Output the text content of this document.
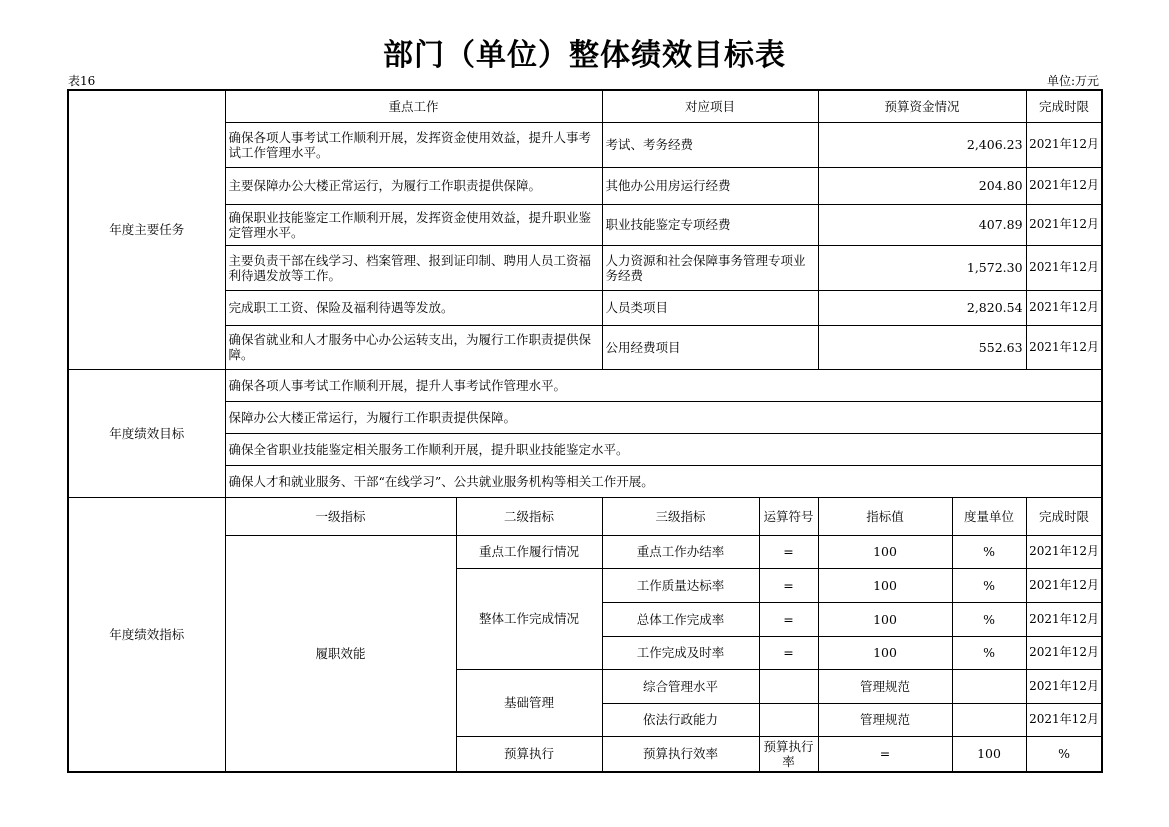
部门（单位）整体绩效目标表
表16	单位:万元
年度主要任务	重点工作		对应项目		预算资金情况		完成时限	
	确保各项人事考试工作顺利开展，发挥资金使用效益，提升人事考试工作管理水平。		考试、考务经费		2,406.23		2021年12月	
	主要保障办公大楼正常运行，为履行工作职责提供保障。		其他办公用房运行经费		204.80		2021年12月	
	确保职业技能鉴定工作顺利开展，发挥资金使用效益，提升职业鉴定管理水平。		职业技能鉴定专项经费		407.89		2021年12月	
	主要负责干部在线学习、档案管理、报到证印制、聘用人员工资福利待遇发放等工作。		人力资源和社会保障事务管理专项业务经费		1,572.30		2021年12月	
	完成职工工资、保险及福利待遇等发放。		人员类项目		2,820.54		2021年12月	
	确保省就业和人才服务中心办公运转支出，为履行工作职责提供保障。		公用经费项目		552.63		2021年12月	
年度绩效目标	确保各项人事考试工作顺利开展，提升人事考试作管理水平。							
	保障办公大楼正常运行，为履行工作职责提供保障。							
	确保全省职业技能鉴定相关服务工作顺利开展，提升职业技能鉴定水平。							
	确保人才和就业服务、干部“在线学习”、公共就业服务机构等相关工作开展。							
年度绩效指标	一级指标	二级指标	三级指标	运算符号	指标值	度量单位	完成时限	
	履职效能	重点工作履行情况	重点工作办结率	=	100	%	2021年12月	
		整体工作完成情况	工作质量达标率	=	100	%	2021年12月	
			总体工作完成率	=	100	%	2021年12月	
			工作完成及时率	=	100	%	2021年12月	
		基础管理	综合管理水平		管理规范		2021年12月	
			依法行政能力		管理规范		2021年12月	
		预算执行	预算执行效率	预算执行率	=	100	%	
